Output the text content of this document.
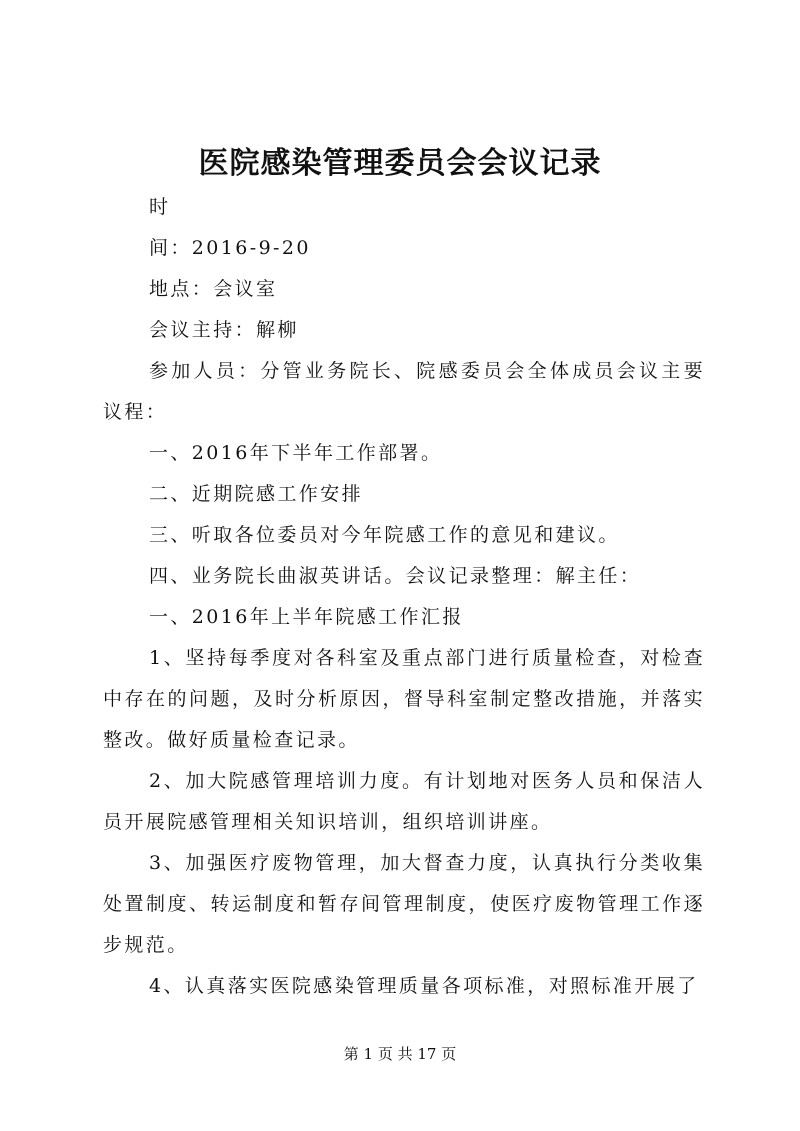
医院感染管理委员会会议记录

时

间：2016-9-20

地点：会议室

会议主持：解柳

参加人员：分管业务院长、院感委员会全体成员会议主要议程：

一、2016年下半年工作部署。

二、近期院感工作安排

三、听取各位委员对今年院感工作的意见和建议。

四、业务院长曲淑英讲话。会议记录整理：解主任：

一、2016年上半年院感工作汇报

1、坚持每季度对各科室及重点部门进行质量检查，对检查中存在的问题，及时分析原因，督导科室制定整改措施，并落实整改。做好质量检查记录。

2、加大院感管理培训力度。有计划地对医务人员和保洁人员开展院感管理相关知识培训，组织培训讲座。

3、加强医疗废物管理，加大督查力度，认真执行分类收集处置制度、转运制度和暂存间管理制度，使医疗废物管理工作逐步规范。

4、认真落实医院感染管理质量各项标准，对照标准开展了

第 1 页 共 17 页
